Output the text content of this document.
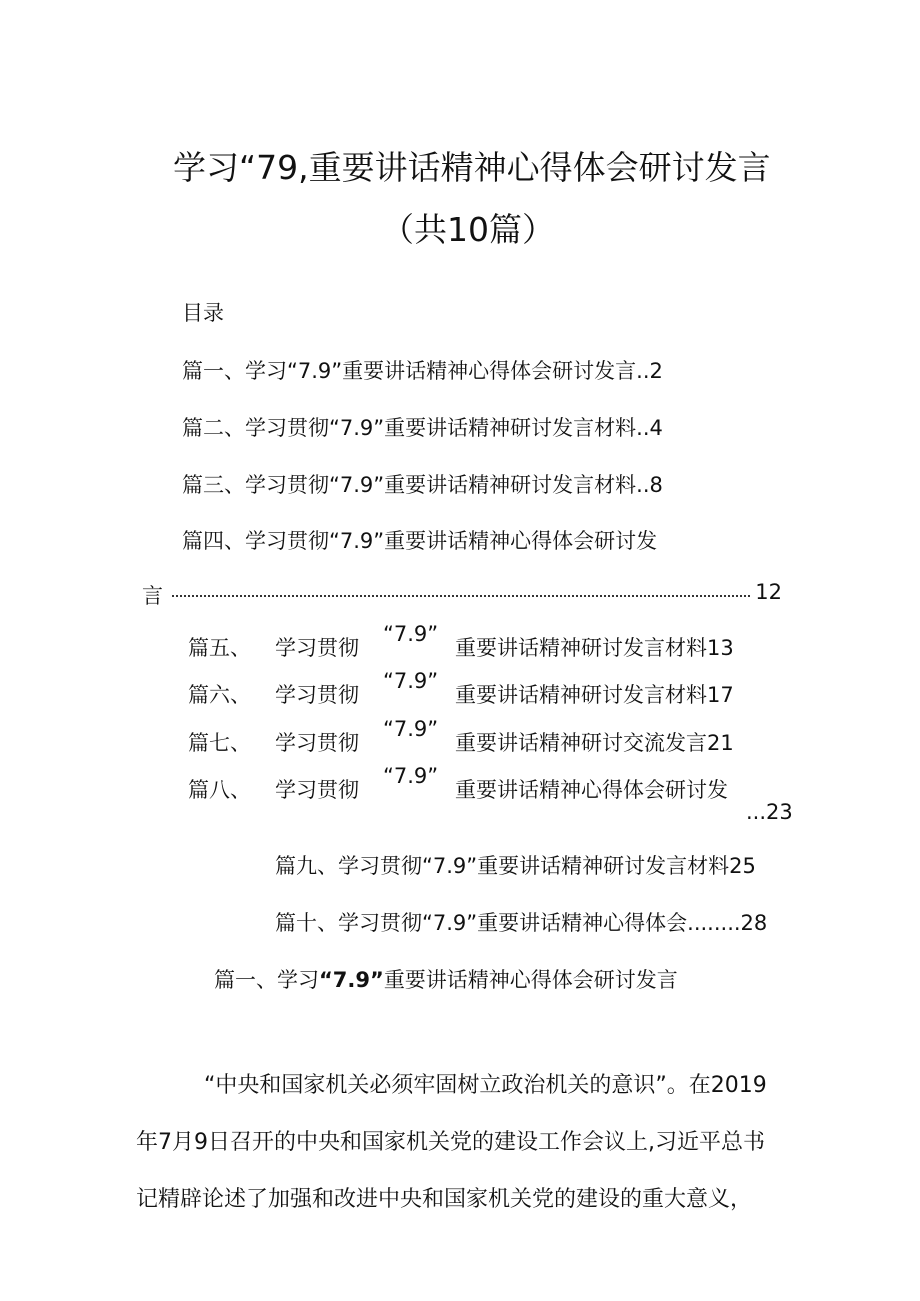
学习“79,重要讲话精神心得体会研讨发言
（共10篇）
目录
篇一、学习“7.9”重要讲话精神心得体会研讨发言..2
篇二、学习贯彻“7.9”重要讲话精神研讨发言材料..4
篇三、学习贯彻“7.9”重要讲话精神研讨发言材料..8
篇四、学习贯彻“7.9”重要讲话精神心得体会研讨发
言	12
篇五、 学习贯彻
“7.9”
重要讲话精神研讨发言材料13
篇六、 学习贯彻
“7.9”
重要讲话精神研讨发言材料17
篇七、 学习贯彻
“7.9”
重要讲话精神研讨交流发言21
篇八、 学习贯彻
“7.9”
重要讲话精神心得体会研讨发
...23
篇九、学习贯彻“7.9”重要讲话精神研讨发言材料25
篇十、学习贯彻“7.9”重要讲话精神心得体会........28
篇一、学习“7.9”重要讲话精神心得体会研讨发言
“中央和国家机关必须牢固树立政治机关的意识”。在2019
年7月9日召开的中央和国家机关党的建设工作会议上,习近平总书
记精辟论述了加强和改进中央和国家机关党的建设的重大意义，
